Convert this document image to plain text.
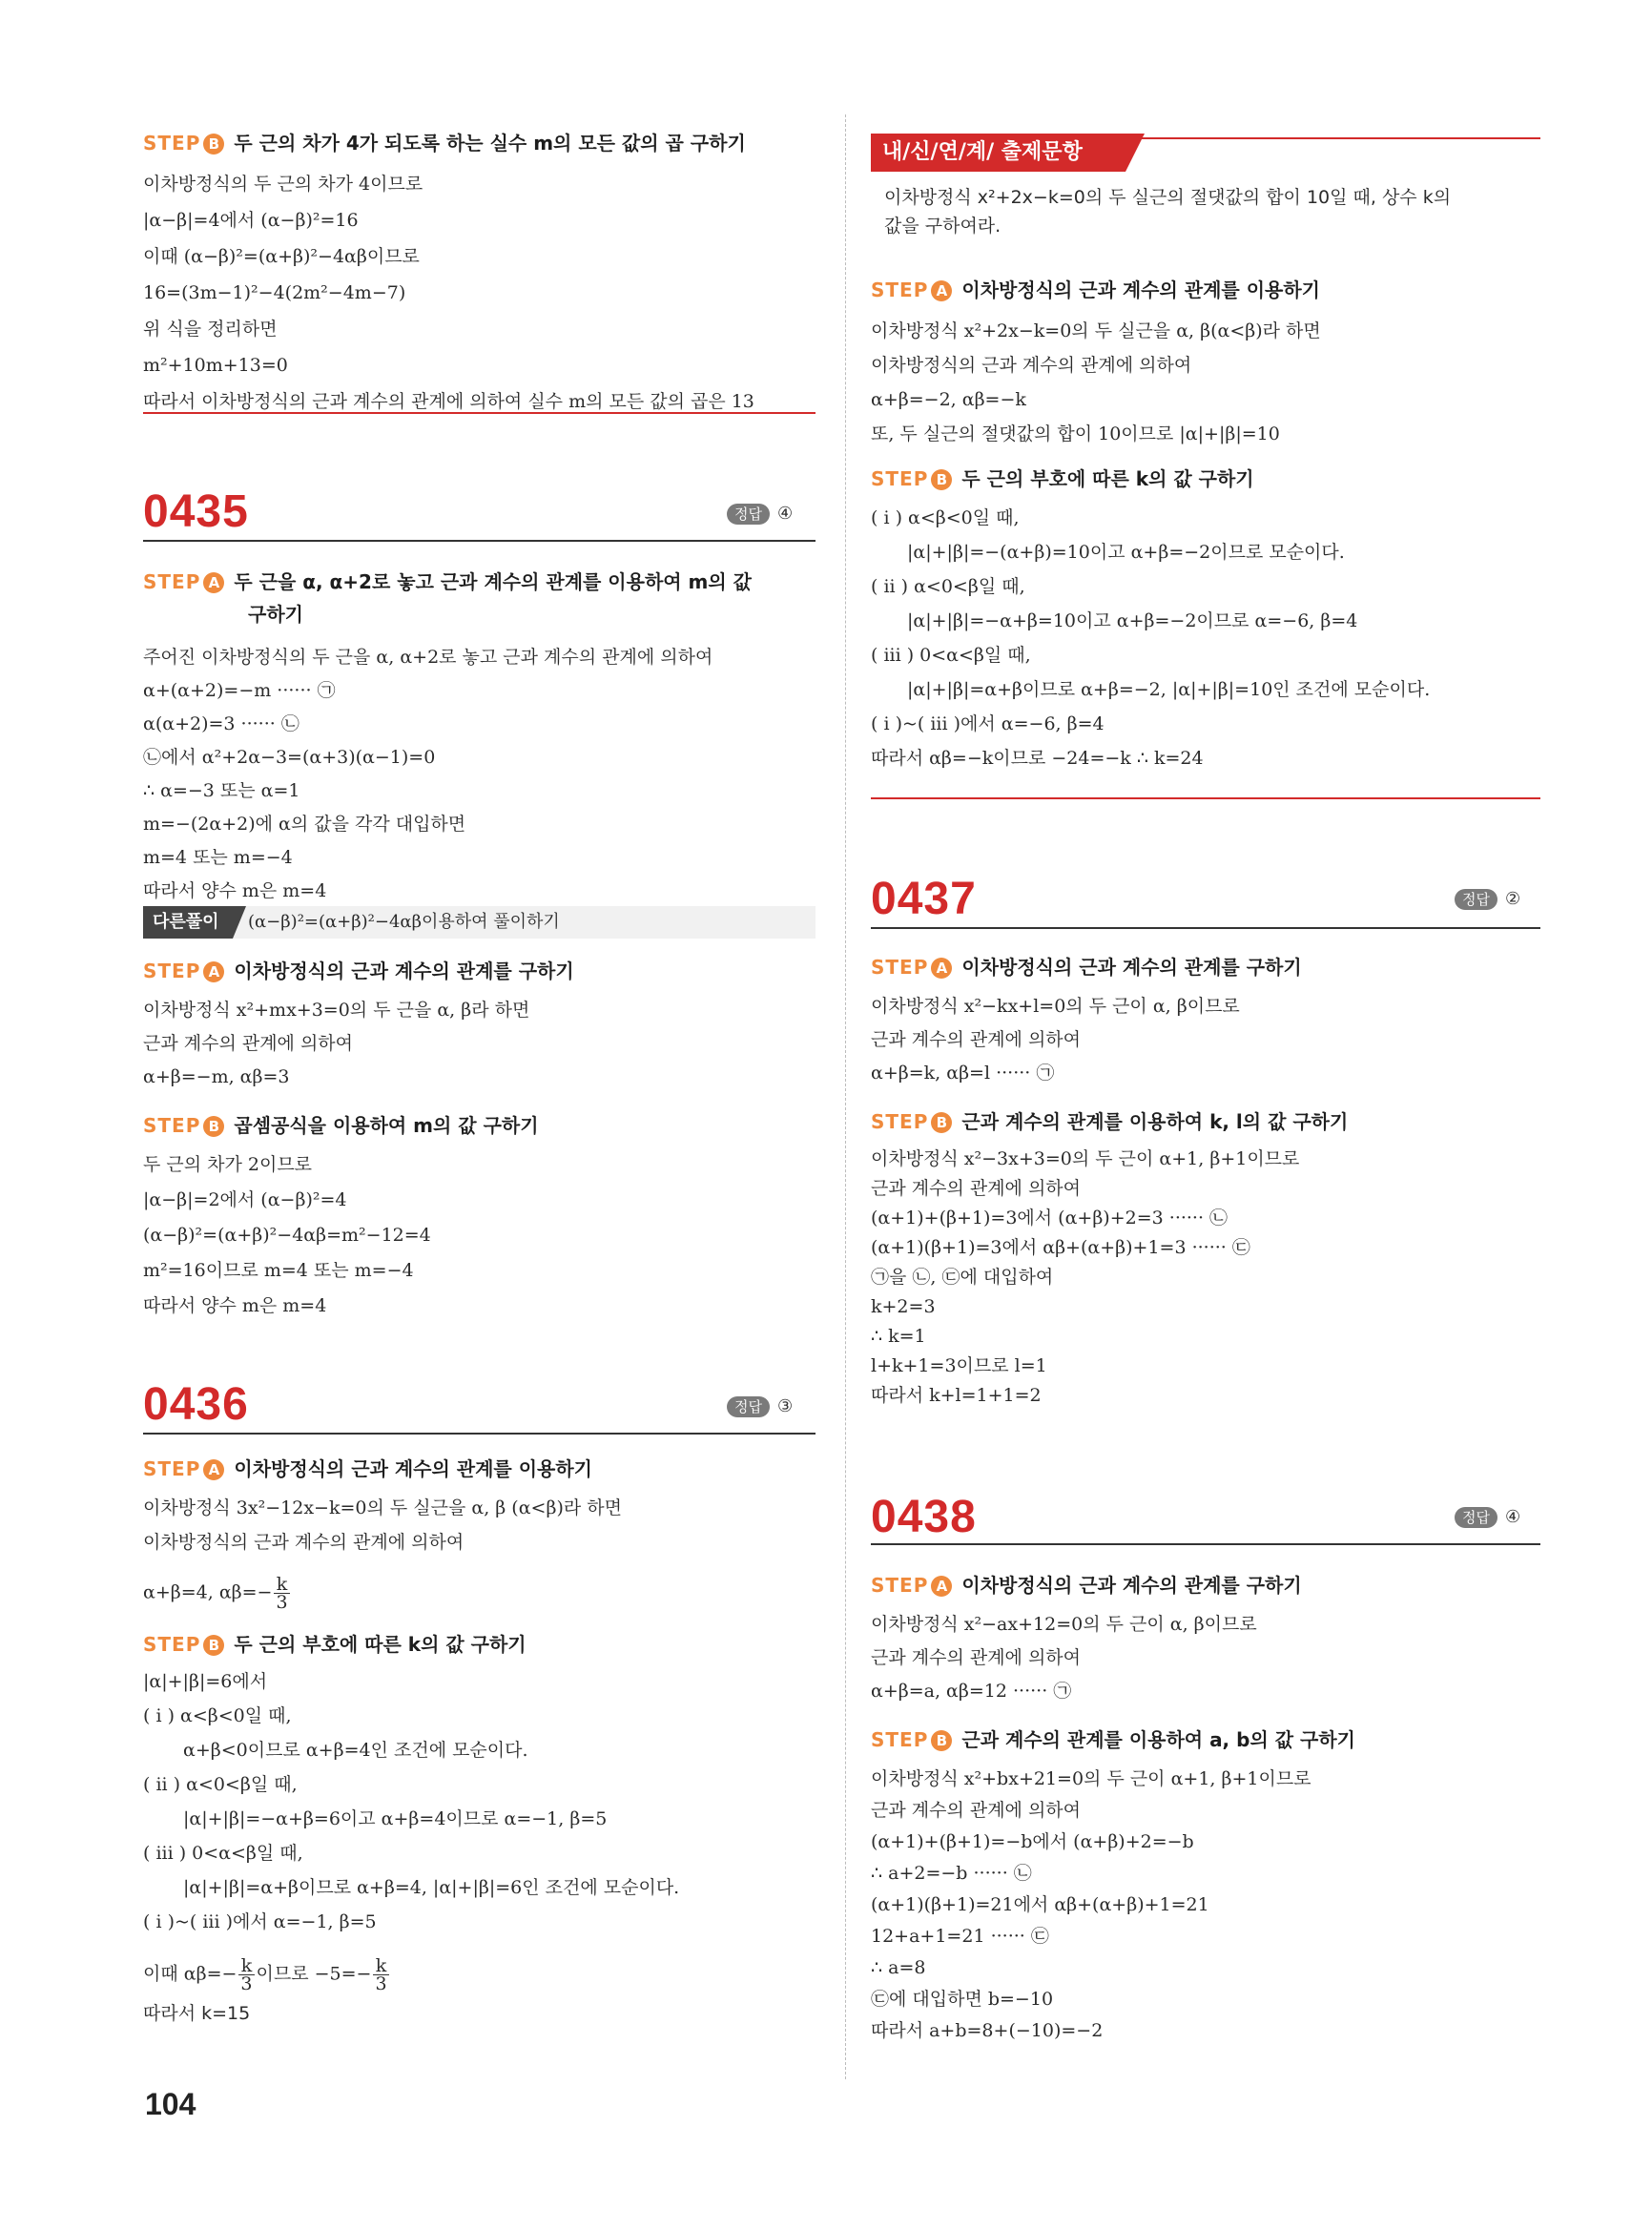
STEP B 두 근의 차가 4가 되도록 하는 실수 m의 모든 값의 곱 구하기
이차방정식의 두 근의 차가 4이므로
|α−β|=4에서 (α−β)²=16
이때 (α−β)²=(α+β)²−4αβ이므로
16=(3m−1)²−4(2m²−4m−7)
위 식을 정리하면
m²+10m+13=0
따라서 이차방정식의 근과 계수의 관계에 의하여 실수 m의 모든 값의 곱은 13
0435	정답 ④
STEP A 두 근을 α, α+2로 놓고 근과 계수의 관계를 이용하여 m의 값
구하기
주어진 이차방정식의 두 근을 α, α+2로 놓고 근과 계수의 관계에 의하여
α+(α+2)=−m ······ ㉠
α(α+2)=3 ······ ㉡
㉡에서 α²+2α−3=(α+3)(α−1)=0
∴ α=−3 또는 α=1
m=−(2α+2)에 α의 값을 각각 대입하면
m=4 또는 m=−4
따라서 양수 m은 m=4
다른풀이	(α−β)²=(α+β)²−4αβ이용하여 풀이하기
STEP A 이차방정식의 근과 계수의 관계를 구하기
이차방정식 x²+mx+3=0의 두 근을 α, β라 하면
근과 계수의 관계에 의하여
α+β=−m, αβ=3
STEP B 곱셈공식을 이용하여 m의 값 구하기
두 근의 차가 2이므로
|α−β|=2에서 (α−β)²=4
(α−β)²=(α+β)²−4αβ=m²−12=4
m²=16이므로 m=4 또는 m=−4
따라서 양수 m은 m=4
0436	정답 ③
STEP A 이차방정식의 근과 계수의 관계를 이용하기
이차방정식 3x²−12x−k=0의 두 실근을 α, β (α<β)라 하면
이차방정식의 근과 계수의 관계에 의하여
α+β=4, $\alpha\beta=- \frac{k}{3}$
STEP B 두 근의 부호에 따른 k의 값 구하기
|α|+|β|=6에서
( i ) α<β<0일 때,
α+β<0이므로 α+β=4인 조건에 모순이다.
( ii ) α<0<β일 때,
|α|+|β|=−α+β=6이고 α+β=4이므로 α=−1, β=5
( iii ) 0<α<β일 때,
|α|+|β|=α+β이므로 α+β=4, |α|+|β|=6인 조건에 모순이다.
( i )~( iii )에서 α=−1, β=5
이때 $\alpha\beta=- \frac{k}{3}$ 이므로 $-5=- \frac{k}{3}$
따라서 k=15
내/신/연/계/ 출제문항
이차방정식 x²+2x−k=0의 두 실근의 절댓값의 합이 10일 때, 상수 k의
값을 구하여라.
STEP A 이차방정식의 근과 계수의 관계를 이용하기
이차방정식 x²+2x−k=0의 두 실근을 α, β(α<β)라 하면
이차방정식의 근과 계수의 관계에 의하여
α+β=−2, αβ=−k
또, 두 실근의 절댓값의 합이 10이므로 |α|+|β|=10
STEP B 두 근의 부호에 따른 k의 값 구하기
( i ) α<β<0일 때,
|α|+|β|=−(α+β)=10이고 α+β=−2이므로 모순이다.
( ii ) α<0<β일 때,
|α|+|β|=−α+β=10이고 α+β=−2이므로 α=−6, β=4
( iii ) 0<α<β일 때,
|α|+|β|=α+β이므로 α+β=−2, |α|+|β|=10인 조건에 모순이다.
( i )~( iii )에서 α=−6, β=4
따라서 αβ=−k이므로 −24=−k ∴ k=24
0437	정답 ②
STEP A 이차방정식의 근과 계수의 관계를 구하기
이차방정식 x²−kx+l=0의 두 근이 α, β이므로
근과 계수의 관계에 의하여
α+β=k, αβ=l ······ ㉠
STEP B 근과 계수의 관계를 이용하여 k, l의 값 구하기
이차방정식 x²−3x+3=0의 두 근이 α+1, β+1이므로
근과 계수의 관계에 의하여
(α+1)+(β+1)=3에서 (α+β)+2=3 ······ ㉡
(α+1)(β+1)=3에서 αβ+(α+β)+1=3 ······ ㉢
㉠을 ㉡, ㉢에 대입하여
k+2=3
∴ k=1
l+k+1=3이므로 l=1
따라서 k+l=1+1=2
0438	정답 ④
STEP A 이차방정식의 근과 계수의 관계를 구하기
이차방정식 x²−ax+12=0의 두 근이 α, β이므로
근과 계수의 관계에 의하여
α+β=a, αβ=12 ······ ㉠
STEP B 근과 계수의 관계를 이용하여 a, b의 값 구하기
이차방정식 x²+bx+21=0의 두 근이 α+1, β+1이므로
근과 계수의 관계에 의하여
(α+1)+(β+1)=−b에서 (α+β)+2=−b
∴ a+2=−b ······ ㉡
(α+1)(β+1)=21에서 αβ+(α+β)+1=21
12+a+1=21 ······ ㉢
∴ a=8
㉢에 대입하면 b=−10
따라서 a+b=8+(−10)=−2
104
